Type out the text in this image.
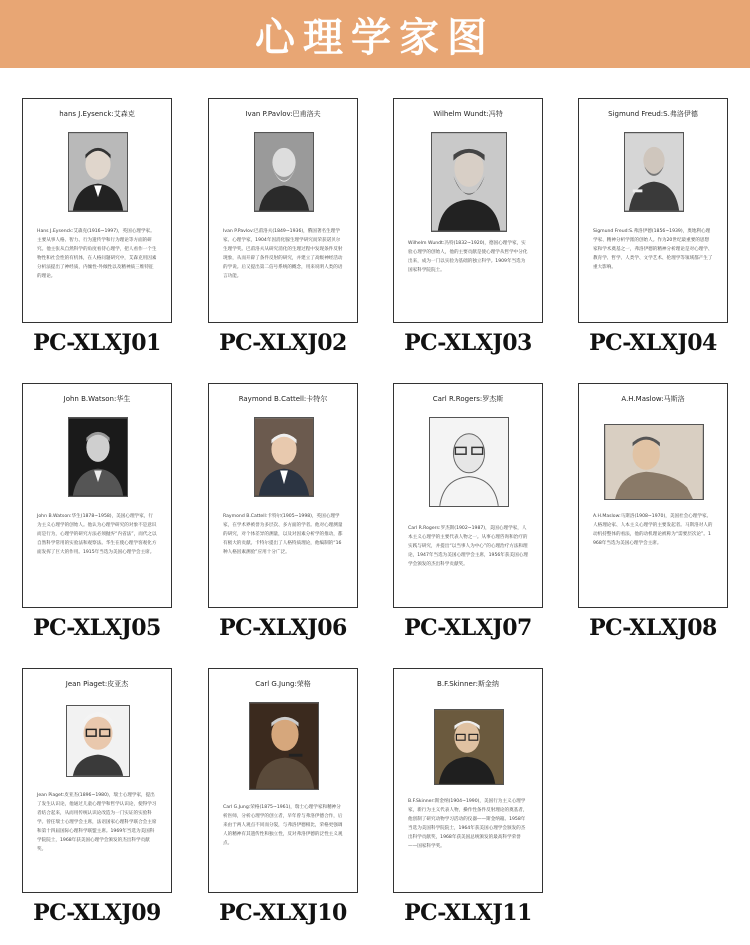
心理学家图
hans J.Eysenck:艾森克
Hans J.Eysenck:艾森克(1916~1997)，英国心理学家。主要从事人格、智力、行为遗传学和行为理论等方面的研究。他主张从自然科学的角度看待心理学，把人看作一个生物性和社会性的有机体，在人格问题研究中，艾森克用因素分析法提出了神经质，内倾性-外倾性以及精神质三维特征的理论。
PC-XLXJ01
Ivan P.Pavlov:巴甫洛夫
Ivan P.Pavlov:巴甫洛夫(1849~1936)，俄国著名生理学家、心理学家，1904年因消化腺生理学研究而荣获诺贝尔生理学奖。巴甫洛夫从研究消化的生理过程中发现条件反射现象，从而开辟了条件反射的研究，并建立了高级神经活动的学说。后又提出第二信号系统的概念，用来说明人类的语言功能。
PC-XLXJ02
Wilhelm Wundt:冯特
Wilhelm Wundt:冯特(1832~1920)，德国心理学家，实验心理学的创始人，他的主要贡献是使心理学从哲学中分化出来，成为一门以实验为基础的独立科学。1909年当选为国家科学院院士。
PC-XLXJ03
Sigmund Freud:S.弗洛伊德
Sigmund Freud:S.弗洛伊德(1856~1939)，奥地利心理学家、精神分析学派的创始人。作为20世纪最重要的思想家和学术奠基之一，弗洛伊德的精神分析理论是对心理学、教育学、哲学、人类学、文学艺术、伦理学等领域都产生了重大影响。
PC-XLXJ04
John B.Watson:华生
John B.Watson:华生(1878~1958)，美国心理学家，行为主义心理学的创始人。他认为心理学研究的对象不是意识而是行为，心理学的研究方法必须抛弃“内省法”，而代之以自然科学常用的实验法和观察法。华生在使心理学客观化方面发挥了巨大的作用。1915年当选为美国心理学会主席。
PC-XLXJ05
Raymond B.Cattell:卡特尔
Raymond B.Cattell:卡特尔(1905~1998)，英国心理学家，在学术界被誉为多层次、多方面的学者。他对心理测量的研究，对个体差异的测量，以及对因素分析学的推动，都有极大的贡献。卡特尔提出了人格特质理论，他编制的“16种人格因素测验”应用十分广泛。
PC-XLXJ06
Carl R.Rogers:罗杰斯
Carl R.Rogers:罗杰斯(1902~1987)，美国心理学家，人本主义心理学的主要代表人物之一。从事心理咨询和治疗的实践与研究，并提出“以当事人为中心”的心理治疗方法和理论，1947年当选为美国心理学会主席，1956年获美国心理学会颁发的杰出科学贡献奖。
PC-XLXJ07
A.H.Maslow:马斯洛
A.H.Maslow:马斯洛(1908~1970)，美国社会心理学家、人格理论家、人本主义心理学的主要发起者。马斯洛对人的动机持整体的看法，他的动机理论被称为“需要层次论”。1968年当选为美国心理学会主席。
PC-XLXJ08
Jean Piaget:皮亚杰
Jean Piaget:皮亚杰(1896~1980)，瑞士心理学家，提出了发生认识论，他通过儿童心理学和哲学认识论，使得学习者结合起来，从而用传统认识论改造为一门实证的实验科学。曾任瑞士心理学会主席，法语国家心理科学联合会主席和第十四届国际心理科学联盟主席。1969年当选为美国科学院院士，1968年获美国心理学会颁发的杰出科学贡献奖。
PC-XLXJ09
Carl G.Jung:荣格
Carl G.Jung:荣格(1875~1961)，瑞士心理学家和精神分析医师，分析心理学的创立者，早年曾与弗洛伊德合作，后来由于两人观点不同而分裂，与弗洛伊德相比，荣格更强调人的精神有其遗传性和独立性，反对弗洛伊德的泛性主义观点。
PC-XLXJ10
B.F.Skinner:斯金纳
B.F.Skinner:斯金纳(1904~1990)，美国行为主义心理学家，新行为主义代表人物，操作性条件反射理论的奠基者，他创制了研究动物学习活动的仪器——斯金纳箱。1958年当选为美国科学院院士，1964年获美国心理学会颁发的杰出科学贡献奖，1968年获美国总统颁发的最高科学荣誉——国家科学奖。
PC-XLXJ11
